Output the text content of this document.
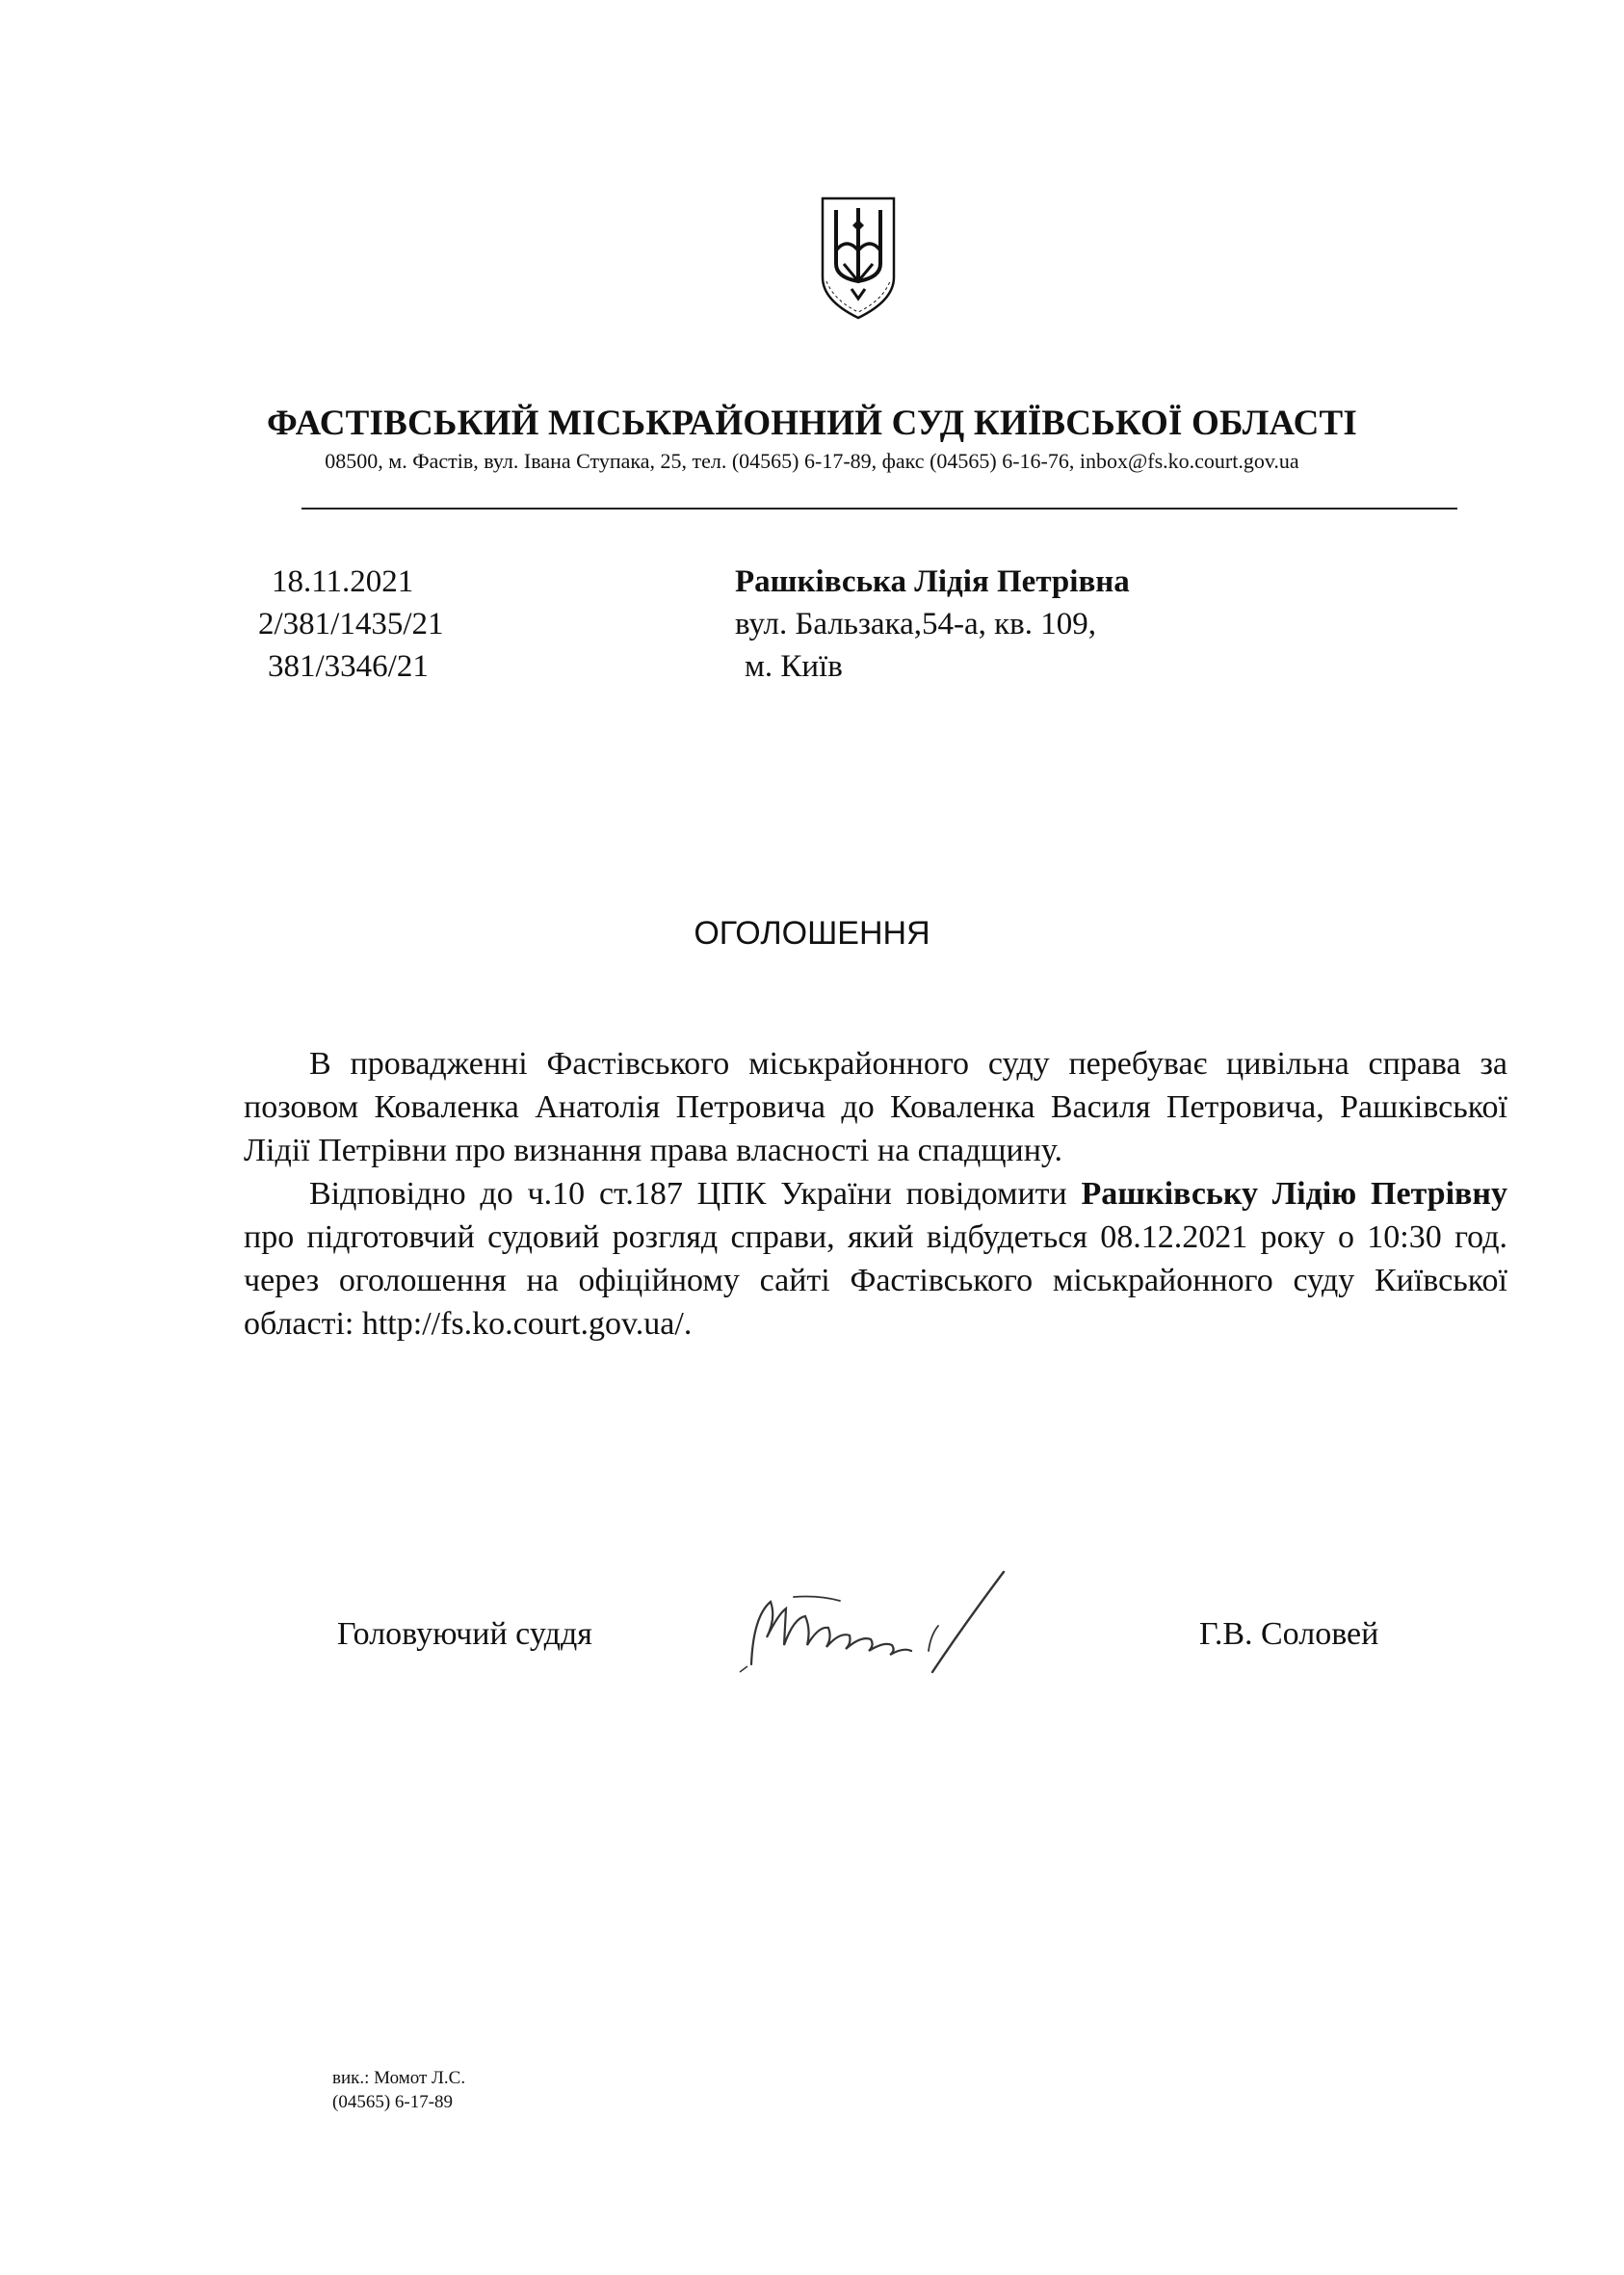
ФАСТІВСЬКИЙ МІСЬКРАЙОННИЙ СУД КИЇВСЬКОЇ ОБЛАСТІ
08500, м. Фастів, вул. Івана Ступака, 25, тел. (04565) 6-17-89, факс (04565) 6-16-76, inbox@fs.ko.court.gov.ua
18.11.2021
2/381/1435/21
381/3346/21
Рашківська Лідія Петрівна
вул. Бальзака,54-а, кв. 109,
м. Київ
ОГОЛОШЕННЯ

В провадженні Фастівського міськрайонного суду перебуває цивільна справа за позовом Коваленка Анатолія Петровича до Коваленка Василя Петровича, Рашківської Лідії Петрівни про визнання права власності на спадщину.

Відповідно до ч.10 ст.187 ЦПК України повідомити Рашківську Лідію Петрівну про підготовчий судовий розгляд справи, який відбудеться 08.12.2021 року о 10:30 год. через оголошення на офіційному сайті Фастівського міськрайонного суду Київської області: http://fs.ko.court.gov.ua/.

Головуючий суддя	Г.В. Соловей
вик.: Момот Л.С.
(04565) 6-17-89
